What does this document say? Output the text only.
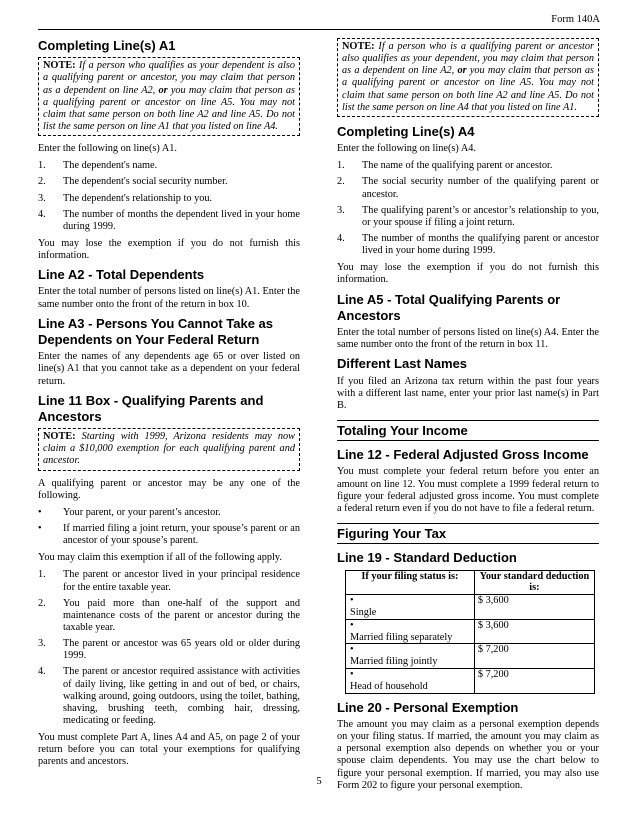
Form 140A
Completing Line(s) A1
NOTE: If a person who qualifies as your dependent is also a qualifying parent or ancestor, you may claim that person as a dependent on line A2, or you may claim that person as a qualifying parent or ancestor on line A5. You may not claim that same person on both line A2 and line A5. Do not list the same person on line A1 that you listed on line A4.

Enter the following on line(s) A1.

1. The dependent's name.
2. The dependent's social security number.
3. The dependent's relationship to you.
4. The number of months the dependent lived in your home during 1999.

You may lose the exemption if you do not furnish this information.

Line A2 - Total Dependents

Enter the total number of persons listed on line(s) A1. Enter the same number onto the front of the return in box 10.

Line A3 - Persons You Cannot Take as Dependents on Your Federal Return

Enter the names of any dependents age 65 or over listed on line(s) A1 that you cannot take as a dependent on your federal return.

Line 11 Box - Qualifying Parents and Ancestors
NOTE: Starting with 1999, Arizona residents may now claim a $10,000 exemption for each qualifying parent and ancestor.

A qualifying parent or ancestor may be any one of the following.

• Your parent, or your parent’s ancestor.
• If married filing a joint return, your spouse’s parent or an ancestor of your spouse’s parent.

You may claim this exemption if all of the following apply.

1. The parent or ancestor lived in your principal residence for the entire taxable year.
2. You paid more than one-half of the support and maintenance costs of the parent or ancestor during the taxable year.
3. The parent or ancestor was 65 years old or older during 1999.
4. The parent or ancestor required assistance with activities of daily living, like getting in and out of bed, or chairs, walking around, going outdoors, using the toilet, bathing, shaving, brushing teeth, combing hair, dressing, medicating or feeding.

You must complete Part A, lines A4 and A5, on page 2 of your return before you can total your exemptions for qualifying parents and ancestors.

NOTE: If a person who is a qualifying parent or ancestor also qualifies as your dependent, you may claim that person as a dependent on line A2, or you may claim that person as a qualifying parent or ancestor on line A5. You may not claim that same person on both line A2 and line A5. Do not list the same person on line A4 that you listed on line A1.
Completing Line(s) A4

Enter the following on line(s) A4.

1. The name of the qualifying parent or ancestor.
2. The social security number of the qualifying parent or ancestor.
3. The qualifying parent’s or ancestor’s relationship to you, or your spouse if filing a joint return.
4. The number of months the qualifying parent or ancestor lived in your home during 1999.

You may lose the exemption if you do not furnish this information.

Line A5 - Total Qualifying Parents or Ancestors

Enter the total number of persons listed on line(s) A4. Enter the same number onto the front of the return in box 11.

Different Last Names

If you filed an Arizona tax return within the past four years with a different last name, enter your prior last name(s) in Part B.

Totaling Your Income
Line 12 - Federal Adjusted Gross Income

You must complete your federal return before you enter an amount on line 12. You must complete a 1999 federal return to figure your federal adjusted gross income. You must complete a federal return even if you do not have to file a federal return.

Figuring Your Tax
Line 19 - Standard Deduction
If your filing status is:	Your standard deduction is:
•Single	$ 3,600
•Married filing separately	$ 3,600
•Married filing jointly	$ 7,200
•Head of household	$ 7,200
Line 20 - Personal Exemption

The amount you may claim as a personal exemption depends on your filing status. If married, the amount you may claim as a personal exemption also depends on whether you or your spouse claim dependents. You may use the chart below to figure your personal exemption. If married, you may also use Form 202 to figure your personal exemption.

5
